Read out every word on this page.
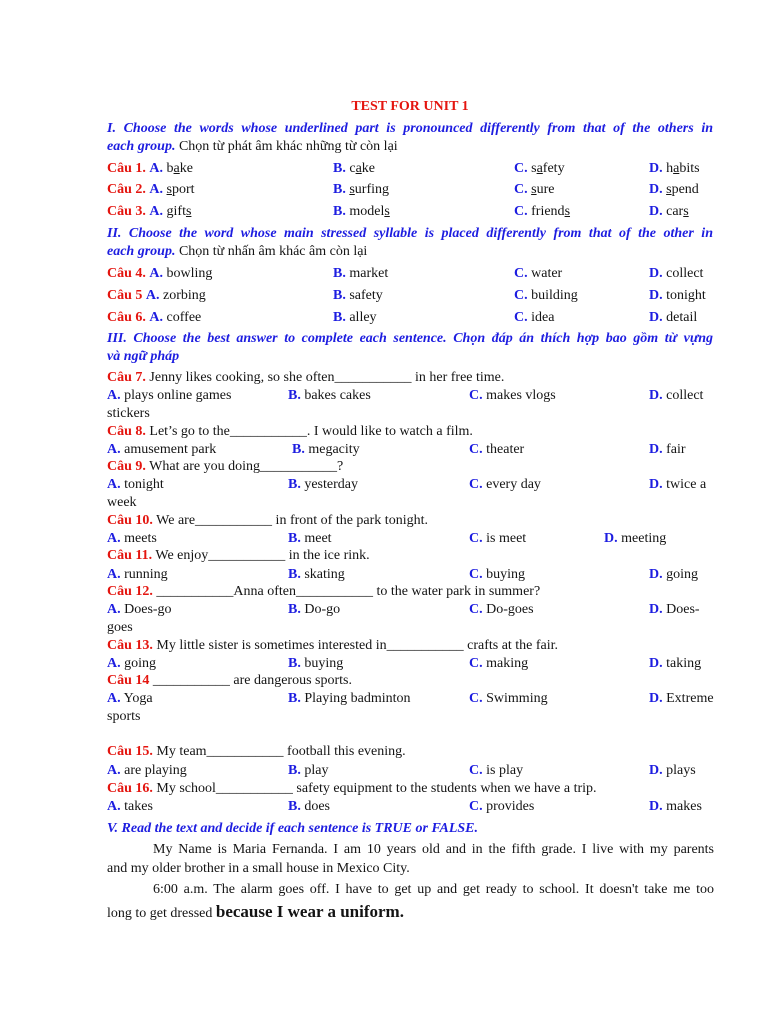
TEST FOR UNIT 1
I. Choose the words whose underlined part is pronounced differently from that of the others in
each group. Chọn từ phát âm khác những từ còn lại
Câu 1. A. bake	B. cake	C. safety	D. habits
Câu 2. A. sport	B. surfing	C. sure	D. spend
Câu 3. A. gifts	B. models	C. friends	D. cars
II. Choose the word whose main stressed syllable is placed differently from that of the other in
each group. Chọn từ nhấn âm khác âm còn lại
Câu 4. A. bowling	B. market	C. water	D. collect
Câu 5 A. zorbing	B. safety	C. building	D. tonight
Câu 6. A. coffee	B. alley	C. idea	D. detail
III. Choose the best answer to complete each sentence. Chọn đáp án thích hợp bao gồm từ vựng
và ngữ pháp
Câu 7. Jenny likes cooking, so she often___________ in her free time.
A. plays online games	B. bakes cakes	C. makes vlogs	D. collect
stickers
Câu 8. Let’s go to the___________. I would like to watch a film.
A. amusement park	B. megacity	C. theater	D. fair
Câu 9. What are you doing___________?
A. tonight	B. yesterday	C. every day	D. twice a
week
Câu 10. We are___________ in front of the park tonight.
A. meets	B. meet	C. is meet	D. meeting
Câu 11. We enjoy___________ in the ice rink.
A. running	B. skating	C. buying	D. going
Câu 12. ___________Anna often___________ to the water park in summer?
A. Does-go	B. Do-go	C. Do-goes	D. Does-
goes
Câu 13. My little sister is sometimes interested in___________ crafts at the fair.
A. going	B. buying	C. making	D. taking
Câu 14 ___________ are dangerous sports.
A. Yoga	B. Playing badminton	C. Swimming	D. Extreme
sports
Câu 15. My team___________ football this evening.
A. are playing	B. play	C. is play	D. plays
Câu 16. My school___________ safety equipment to the students when we have a trip.
A. takes	B. does	C. provides	D. makes
V. Read the text and decide if each sentence is TRUE or FALSE.
My Name is Maria Fernanda. I am 10 years old and in the fifth grade. I live with my parents
and my older brother in a small house in Mexico City.
6:00 a.m. The alarm goes off. I have to get up and get ready to school. It doesn't take me too
long to get dressed because I wear a uniform.
